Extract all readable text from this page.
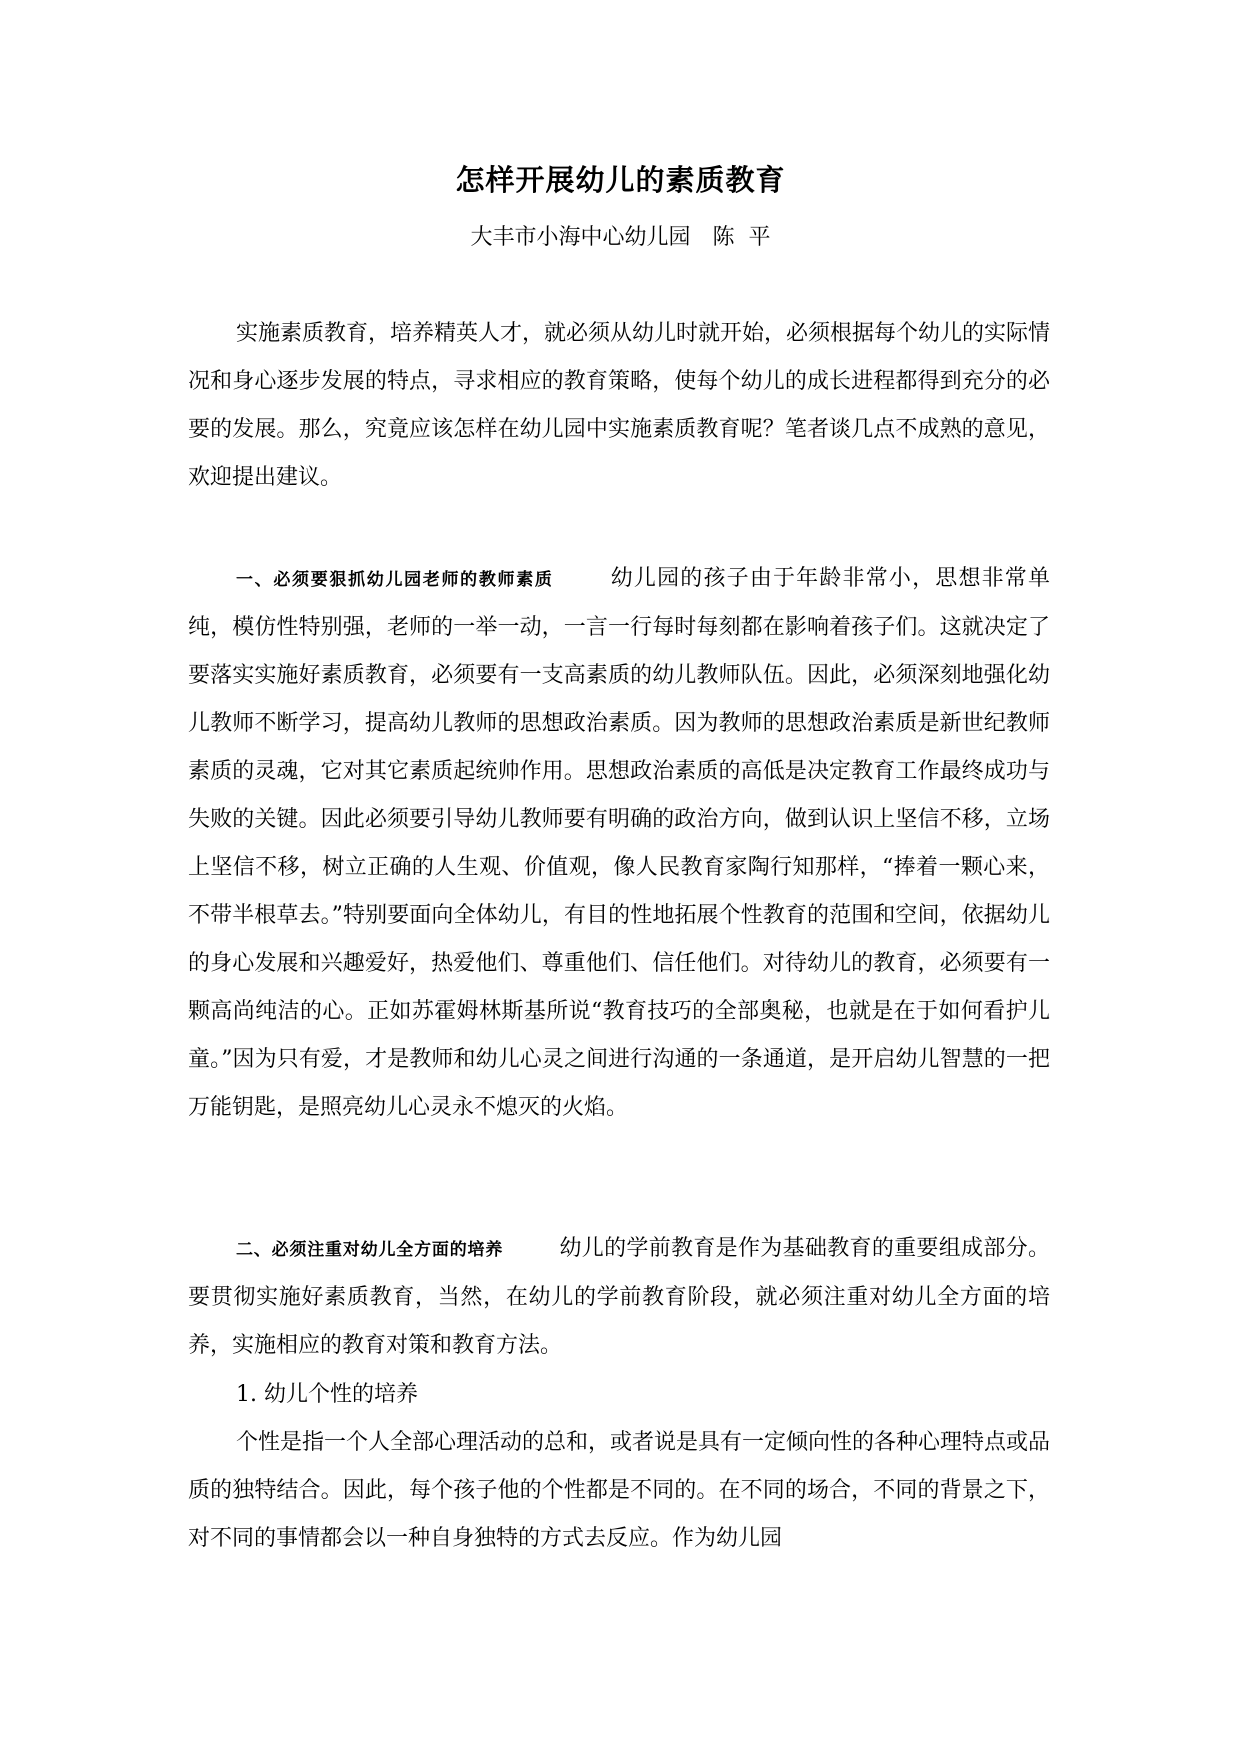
怎样开展幼儿的素质教育
大丰市小海中心幼儿园　陈  平
实施素质教育，培养精英人才，就必须从幼儿时就开始，必须根据每个幼儿的实际情况和身心逐步发展的特点，寻求相应的教育策略，使每个幼儿的成长进程都得到充分的必要的发展。那么，究竟应该怎样在幼儿园中实施素质教育呢？笔者谈几点不成熟的意见，欢迎提出建议。
一、必须要狠抓幼儿园老师的教师素质	幼儿园的孩子由于年龄非常小，思想非常单纯，模仿性特别强，老师的一举一动，一言一行每时每刻都在影响着孩子们。这就决定了要落实实施好素质教育，必须要有一支高素质的幼儿教师队伍。因此，必须深刻地强化幼儿教师不断学习，提高幼儿教师的思想政治素质。因为教师的思想政治素质是新世纪教师素质的灵魂，它对其它素质起统帅作用。思想政治素质的高低是决定教育工作最终成功与失败的关键。因此必须要引导幼儿教师要有明确的政治方向，做到认识上坚信不移，立场上坚信不移，树立正确的人生观、价值观，像人民教育家陶行知那样，“捧着一颗心来，不带半根草去。”特别要面向全体幼儿，有目的性地拓展个性教育的范围和空间，依据幼儿的身心发展和兴趣爱好，热爱他们、尊重他们、信任他们。对待幼儿的教育，必须要有一颗高尚纯洁的心。正如苏霍姆林斯基所说“教育技巧的全部奥秘，也就是在于如何看护儿童。”因为只有爱，才是教师和幼儿心灵之间进行沟通的一条通道，是开启幼儿智慧的一把万能钥匙，是照亮幼儿心灵永不熄灭的火焰。
二、必须注重对幼儿全方面的培养	幼儿的学前教育是作为基础教育的重要组成部分。要贯彻实施好素质教育，当然，在幼儿的学前教育阶段，就必须注重对幼儿全方面的培养，实施相应的教育对策和教育方法。
1. 幼儿个性的培养
个性是指一个人全部心理活动的总和，或者说是具有一定倾向性的各种心理特点或品质的独特结合。因此，每个孩子他的个性都是不同的。在不同的场合，不同的背景之下，对不同的事情都会以一种自身独特的方式去反应。作为幼儿园
